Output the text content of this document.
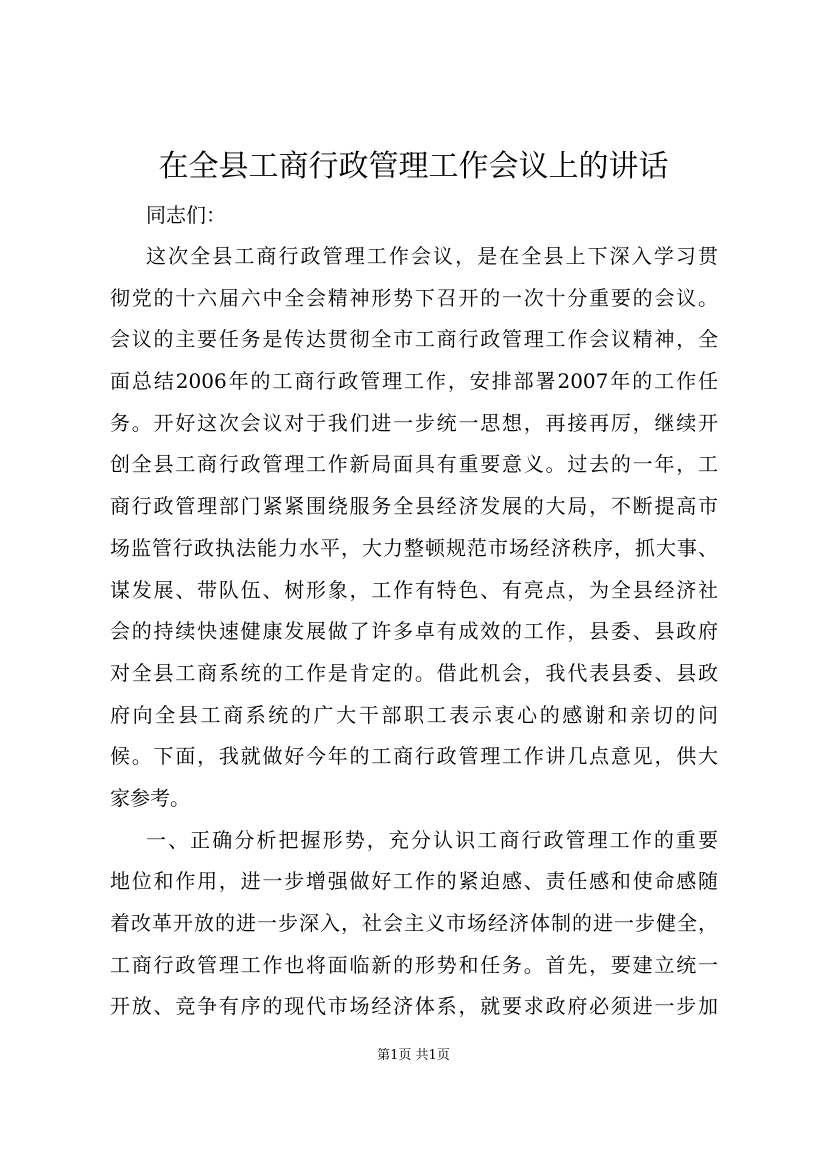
在全县工商行政管理工作会议上的讲话

同志们：

这次全县工商行政管理工作会议，是在全县上下深入学习贯
彻党的十六届六中全会精神形势下召开的一次十分重要的会议。
会议的主要任务是传达贯彻全市工商行政管理工作会议精神，全
面总结2006年的工商行政管理工作，安排部署2007年的工作任
务。开好这次会议对于我们进一步统一思想，再接再厉，继续开
创全县工商行政管理工作新局面具有重要意义。过去的一年，工
商行政管理部门紧紧围绕服务全县经济发展的大局，不断提高市
场监管行政执法能力水平，大力整顿规范市场经济秩序，抓大事、
谋发展、带队伍、树形象，工作有特色、有亮点，为全县经济社
会的持续快速健康发展做了许多卓有成效的工作，县委、县政府
对全县工商系统的工作是肯定的。借此机会，我代表县委、县政
府向全县工商系统的广大干部职工表示衷心的感谢和亲切的问
候。下面，我就做好今年的工商行政管理工作讲几点意见，供大
家参考。

一、正确分析把握形势，充分认识工商行政管理工作的重要
地位和作用，进一步增强做好工作的紧迫感、责任感和使命感随
着改革开放的进一步深入，社会主义市场经济体制的进一步健全，
工商行政管理工作也将面临新的形势和任务。首先，要建立统一
开放、竞争有序的现代市场经济体系，就要求政府必须进一步加

第1页 共1页
